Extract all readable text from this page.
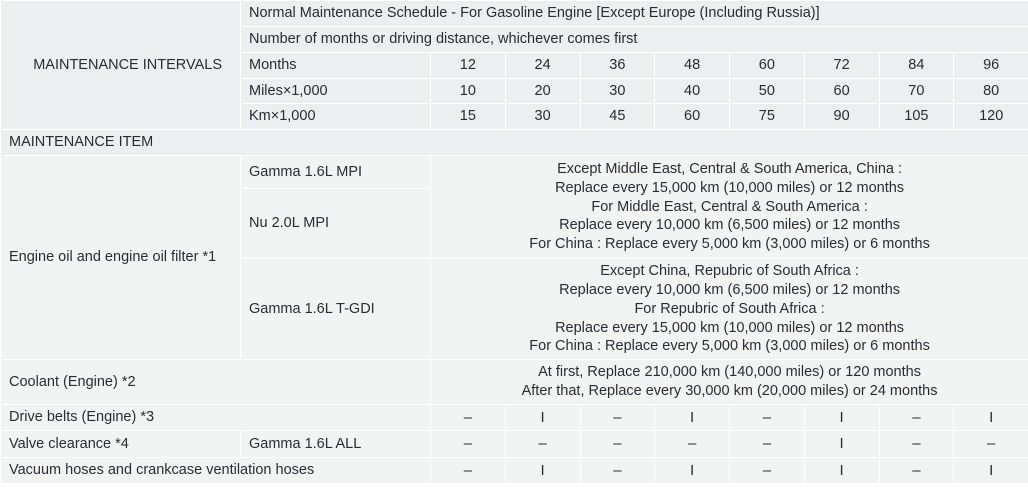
MAINTENANCE INTERVALS	Normal Maintenance Schedule - For Gasoline Engine [Except Europe (Including Russia)]								
	Number of months or driving distance, whichever comes first								
	Months	12	24	36	48	60	72	84	96
	Miles×1,000	10	20	30	40	50	60	70	80
	Km×1,000	15	30	45	60	75	90	105	120
MAINTENANCE ITEM									
Engine oil and engine oil filter *1	Gamma 1.6L MPI	Except Middle East, Central & South America, China :
Replace every 15,000 km (10,000 miles) or 12 months
For Middle East, Central & South America :
Replace every 10,000 km (6,500 miles) or 12 months
For China : Replace every 5,000 km (3,000 miles) or 6 months							

	Nu 2.0L MPI								
	Gamma 1.6L T-GDI	Except China, Repubric of South Africa :
Replace every 10,000 km (6,500 miles) or 12 months
For Repubric of South Africa :
Replace every 15,000 km (10,000 miles) or 12 months
For China : Replace every 5,000 km (3,000 miles) or 6 months							

Coolant (Engine) *2		At first, Replace 210,000 km (140,000 miles) or 120 months
After that, Replace every 30,000 km (20,000 miles) or 24 months							

Drive belts (Engine) *3		–	I	–	I	–	I	–	I
Valve clearance *4	Gamma 1.6L ALL	–	–	–	–	–	I	–	–
Vacuum hoses and crankcase ventilation hoses		–	I	–	I	–	I	–	I
